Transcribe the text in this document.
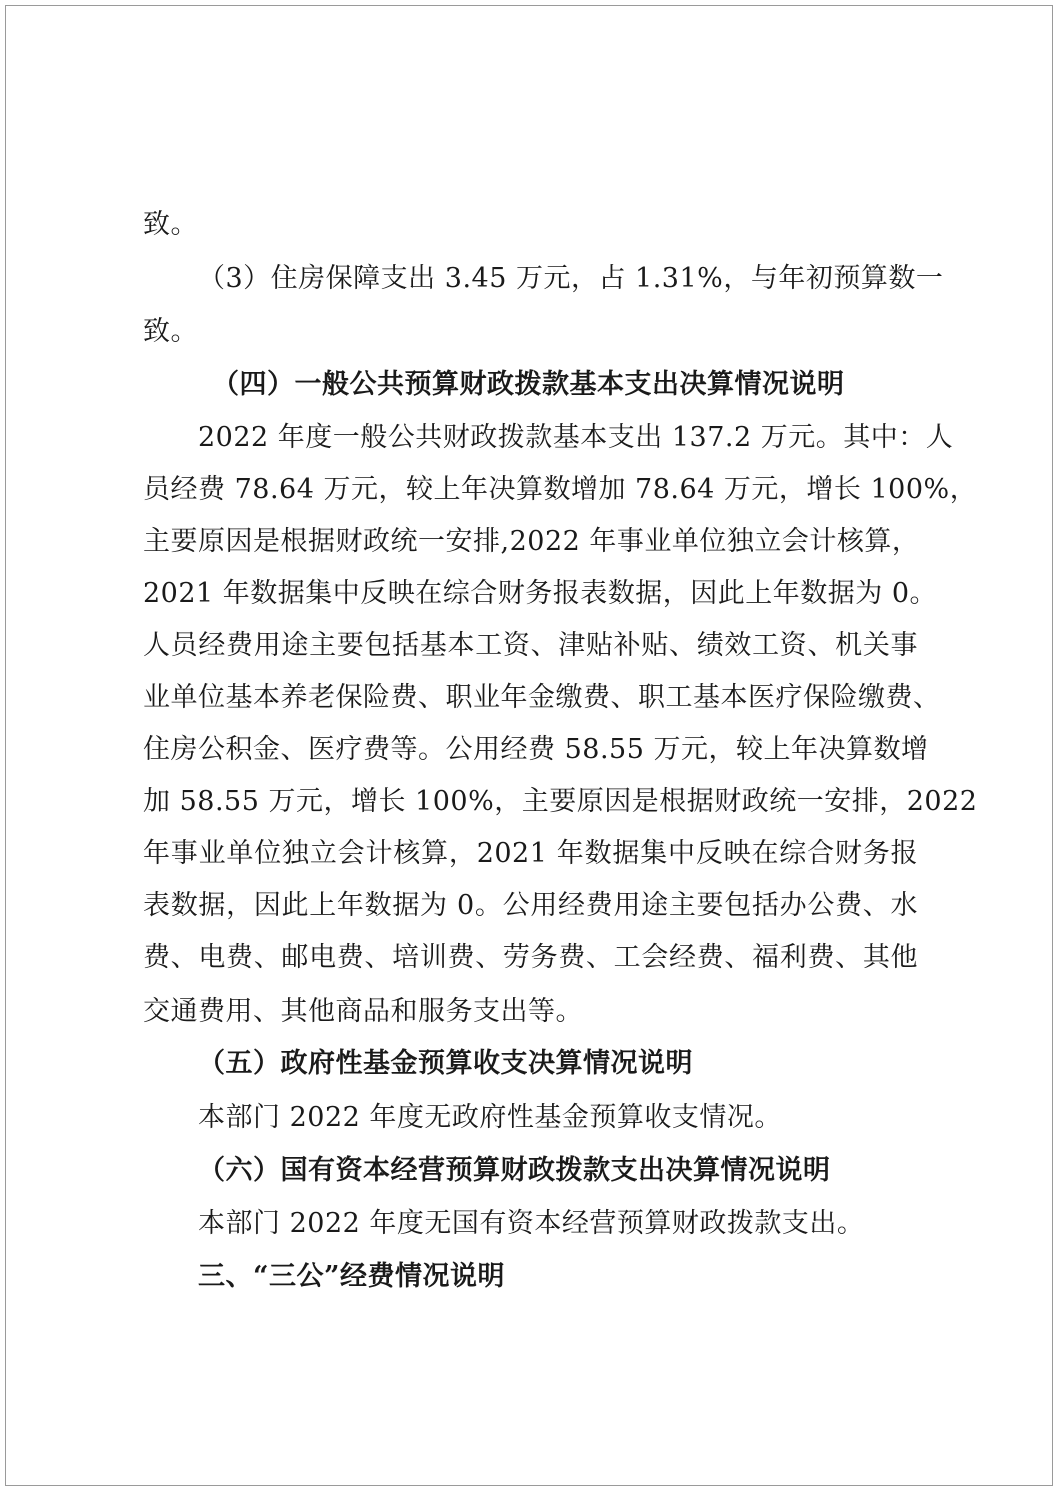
致。
（3）住房保障支出 3.45 万元，占 1.31%，与年初预算数一
致。
（四）一般公共预算财政拨款基本支出决算情况说明
2022 年度一般公共财政拨款基本支出 137.2 万元。其中：人
员经费 78.64 万元，较上年决算数增加 78.64 万元，增长 100%，
主要原因是根据财政统一安排,2022 年事业单位独立会计核算，
2021 年数据集中反映在综合财务报表数据，因此上年数据为 0。
人员经费用途主要包括基本工资、津贴补贴、绩效工资、机关事
业单位基本养老保险费、职业年金缴费、职工基本医疗保险缴费、
住房公积金、医疗费等。公用经费 58.55 万元，较上年决算数增
加 58.55 万元，增长 100%，主要原因是根据财政统一安排，2022
年事业单位独立会计核算，2021 年数据集中反映在综合财务报
表数据，因此上年数据为 0。公用经费用途主要包括办公费、水
费、电费、邮电费、培训费、劳务费、工会经费、福利费、其他
交通费用、其他商品和服务支出等。
（五）政府性基金预算收支决算情况说明
本部门 2022 年度无政府性基金预算收支情况。
（六）国有资本经营预算财政拨款支出决算情况说明
本部门 2022 年度无国有资本经营预算财政拨款支出。
三、“三公”经费情况说明
